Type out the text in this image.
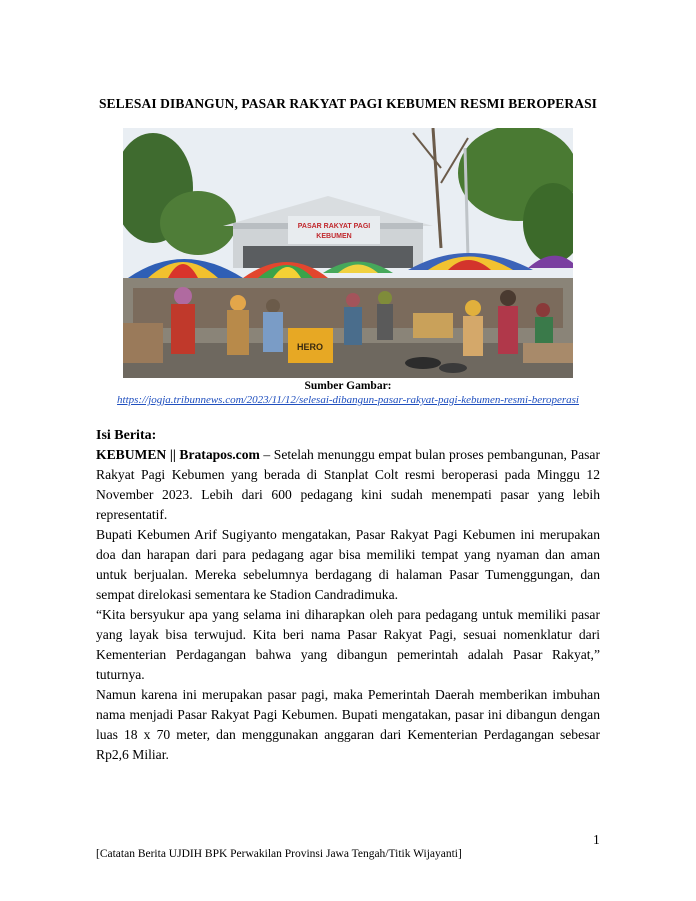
SELESAI DIBANGUN, PASAR RAKYAT PAGI KEBUMEN RESMI BEROPERASI
PASAR RAKYAT PAGI
KEBUMEN
HERO
Sumber Gambar:
https://jogja.tribunnews.com/2023/11/12/selesai-dibangun-pasar-rakyat-pagi-kebumen-resmi-beroperasi
Isi Berita:

KEBUMEN || Bratapos.com – Setelah menunggu empat bulan proses pembangunan, Pasar Rakyat Pagi Kebumen yang berada di Stanplat Colt resmi beroperasi pada Minggu 12 November 2023. Lebih dari 600 pedagang kini sudah menempati pasar yang lebih representatif.

Bupati Kebumen Arif Sugiyanto mengatakan, Pasar Rakyat Pagi Kebumen ini merupakan doa dan harapan dari para pedagang agar bisa memiliki tempat yang nyaman dan aman untuk berjualan. Mereka sebelumnya berdagang di halaman Pasar Tumenggungan, dan sempat direlokasi sementara ke Stadion Candradimuka.

“Kita bersyukur apa yang selama ini diharapkan oleh para pedagang untuk memiliki pasar yang layak bisa terwujud. Kita beri nama Pasar Rakyat Pagi, sesuai nomenklatur dari Kementerian Perdagangan bahwa yang dibangun pemerintah adalah Pasar Rakyat,” tuturnya.

Namun karena ini merupakan pasar pagi, maka Pemerintah Daerah memberikan imbuhan nama menjadi Pasar Rakyat Pagi Kebumen. Bupati mengatakan, pasar ini dibangun dengan luas 18 x 70 meter, dan menggunakan anggaran dari Kementerian Perdagangan sebesar Rp2,6 Miliar.

1
[Catatan Berita UJDIH BPK Perwakilan Provinsi Jawa Tengah/Titik Wijayanti]
